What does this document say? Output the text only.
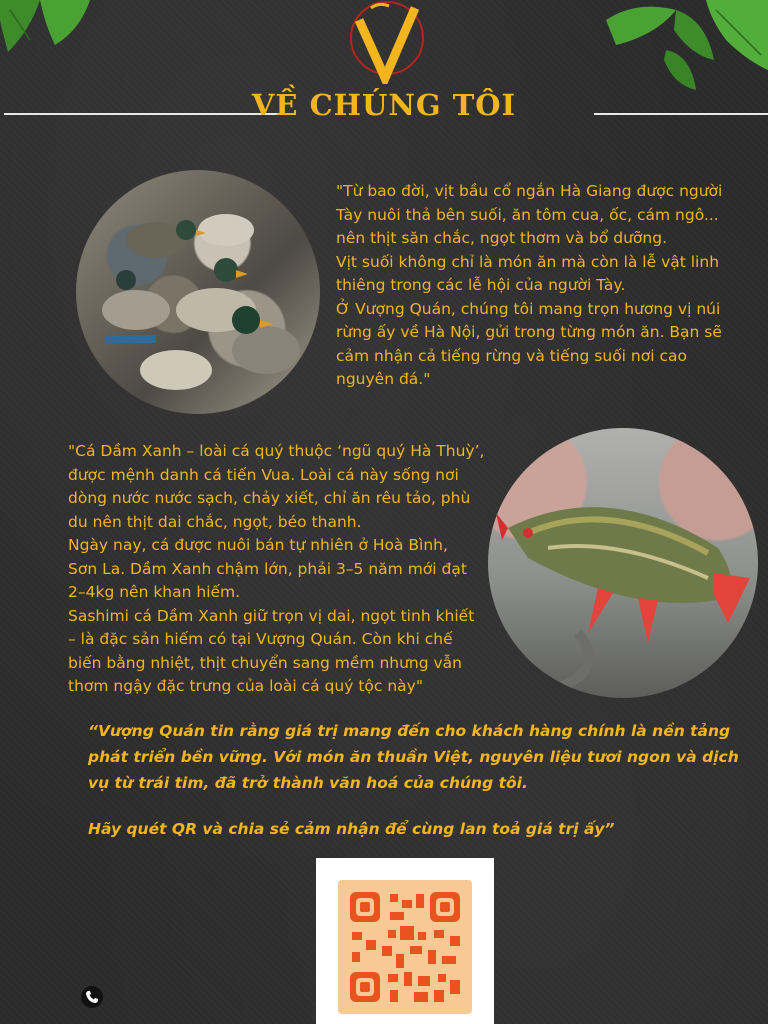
VỀ CHÚNG TÔI
"Từ bao đời, vịt bầu cổ ngắn Hà Giang được người
Tày nuôi thả bên suối, ăn tôm cua, ốc, cám ngô...
nên thịt săn chắc, ngọt thơm và bổ dưỡng.
Vịt suối không chỉ là món ăn mà còn là lễ vật linh
thiêng trong các lễ hội của người Tày.
Ở Vượng Quán, chúng tôi mang trọn hương vị núi
rừng ấy về Hà Nội, gửi trong từng món ăn. Bạn sẽ
cảm nhận cả tiếng rừng và tiếng suối nơi cao
nguyên đá."
"Cá Dầm Xanh – loài cá quý thuộc ‘ngũ quý Hà Thuỳ’,
được mệnh danh cá tiến Vua. Loài cá này sống nơi
dòng nước nước sạch, chảy xiết, chỉ ăn rêu tảo, phù
du nên thịt dai chắc, ngọt, béo thanh.
Ngày nay, cá được nuôi bán tự nhiên ở Hoà Bình,
Sơn La. Dầm Xanh chậm lớn, phải 3–5 năm mới đạt
2–4kg nên khan hiếm.
Sashimi cá Dầm Xanh giữ trọn vị dai, ngọt tinh khiết
– là đặc sản hiếm có tại Vượng Quán. Còn khi chế
biến bằng nhiệt, thịt chuyển sang mềm nhưng vẫn
thơm ngậy đặc trưng của loài cá quý tộc này"

“Vượng Quán tin rằng giá trị mang đến cho khách hàng chính là nền tảng phát triển bền vững. Với món ăn thuần Việt, nguyên liệu tươi ngon và dịch vụ từ trái tim, đã trở thành văn hoá của chúng tôi.

Hãy quét QR và chia sẻ cảm nhận để cùng lan toả giá trị ấy”
